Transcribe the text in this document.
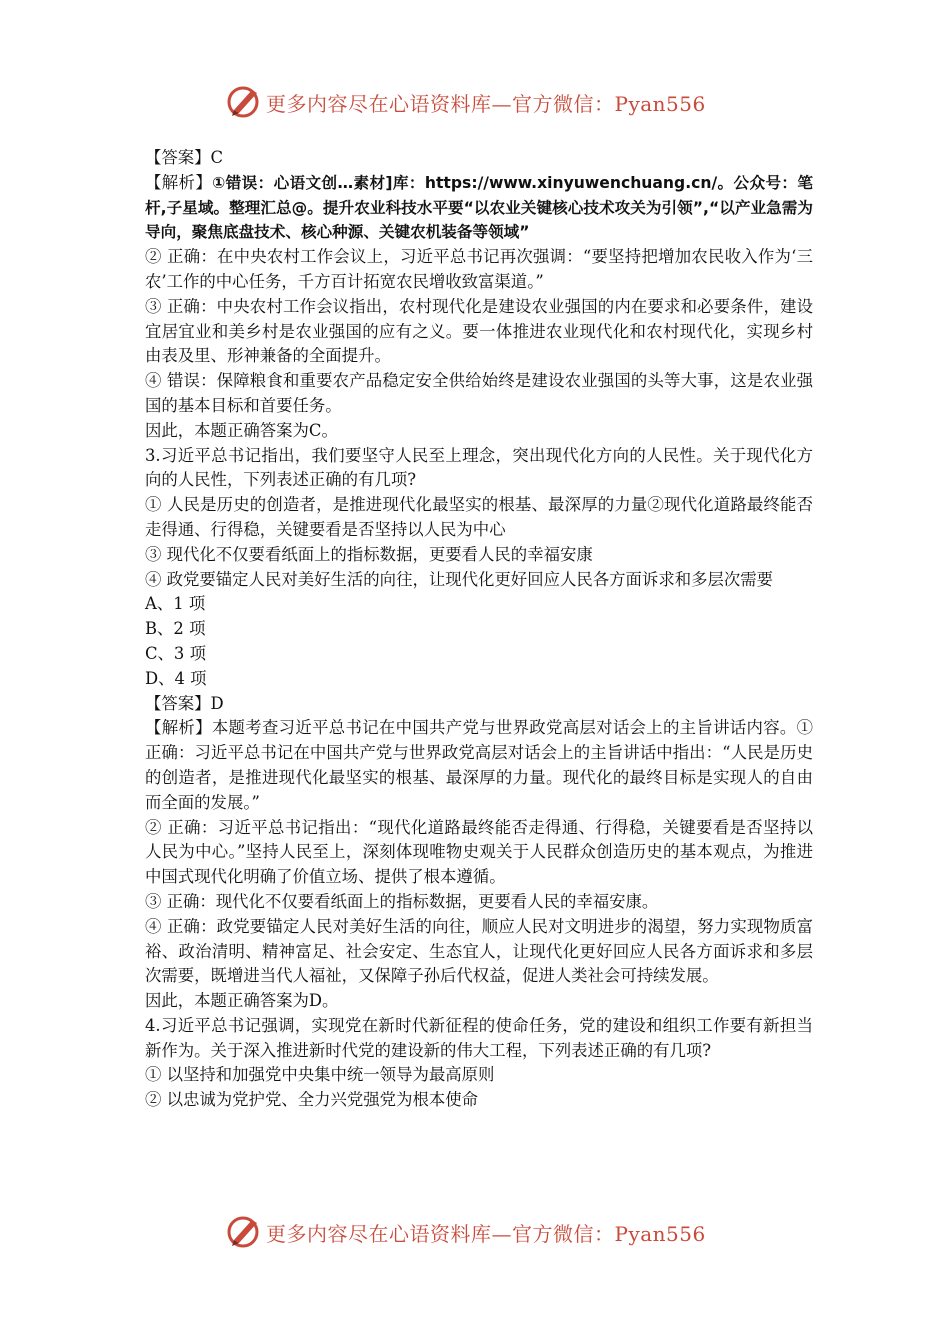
更多内容尽在心语资料库—官方微信：Pyan556

【答案】C

【解析】①错误：心语文创…素材]库：https://www.xinyuwenchuang.cn/。公众号：笔杆,子星域。整理汇总@。提升农业科技水平要“以农业关键核心技术攻关为引领”,“以产业急需为导向，聚焦底盘技术、核心种源、关键农机装备等领域”

② 正确：在中央农村工作会议上，习近平总书记再次强调：“要坚持把增加农民收入作为‘三农’工作的中心任务，千方百计拓宽农民增收致富渠道。”

③ 正确：中央农村工作会议指出，农村现代化是建设农业强国的内在要求和必要条件，建设宜居宜业和美乡村是农业强国的应有之义。要一体推进农业现代化和农村现代化，实现乡村由表及里、形神兼备的全面提升。

④ 错误：保障粮食和重要农产品稳定安全供给始终是建设农业强国的头等大事，这是农业强国的基本目标和首要任务。

因此，本题正确答案为C。

3.习近平总书记指出，我们要坚守人民至上理念，突出现代化方向的人民性。关于现代化方向的人民性，下列表述正确的有几项?

① 人民是历史的创造者，是推进现代化最坚实的根基、最深厚的力量②现代化道路最终能否走得通、行得稳，关键要看是否坚持以人民为中心

③ 现代化不仅要看纸面上的指标数据，更要看人民的幸福安康

④ 政党要锚定人民对美好生活的向往，让现代化更好回应人民各方面诉求和多层次需要

A、1 项

B、2 项

C、3 项

D、4 项

【答案】D

【解析】本题考查习近平总书记在中国共产党与世界政党高层对话会上的主旨讲话内容。①正确：习近平总书记在中国共产党与世界政党高层对话会上的主旨讲话中指出：“人民是历史的创造者，是推进现代化最坚实的根基、最深厚的力量。现代化的最终目标是实现人的自由而全面的发展。”

② 正确：习近平总书记指出：“现代化道路最终能否走得通、行得稳，关键要看是否坚持以人民为中心。”坚持人民至上，深刻体现唯物史观关于人民群众创造历史的基本观点，为推进中国式现代化明确了价值立场、提供了根本遵循。

③ 正确：现代化不仅要看纸面上的指标数据，更要看人民的幸福安康。

④ 正确：政党要锚定人民对美好生活的向往，顺应人民对文明进步的渴望，努力实现物质富裕、政治清明、精神富足、社会安定、生态宜人，让现代化更好回应人民各方面诉求和多层次需要，既增进当代人福祉，又保障子孙后代权益，促进人类社会可持续发展。

因此，本题正确答案为D。

4.习近平总书记强调，实现党在新时代新征程的使命任务，党的建设和组织工作要有新担当新作为。关于深入推进新时代党的建设新的伟大工程，下列表述正确的有几项?

① 以坚持和加强党中央集中统一领导为最高原则

② 以忠诚为党护党、全力兴党强党为根本使命

更多内容尽在心语资料库—官方微信：Pyan556
